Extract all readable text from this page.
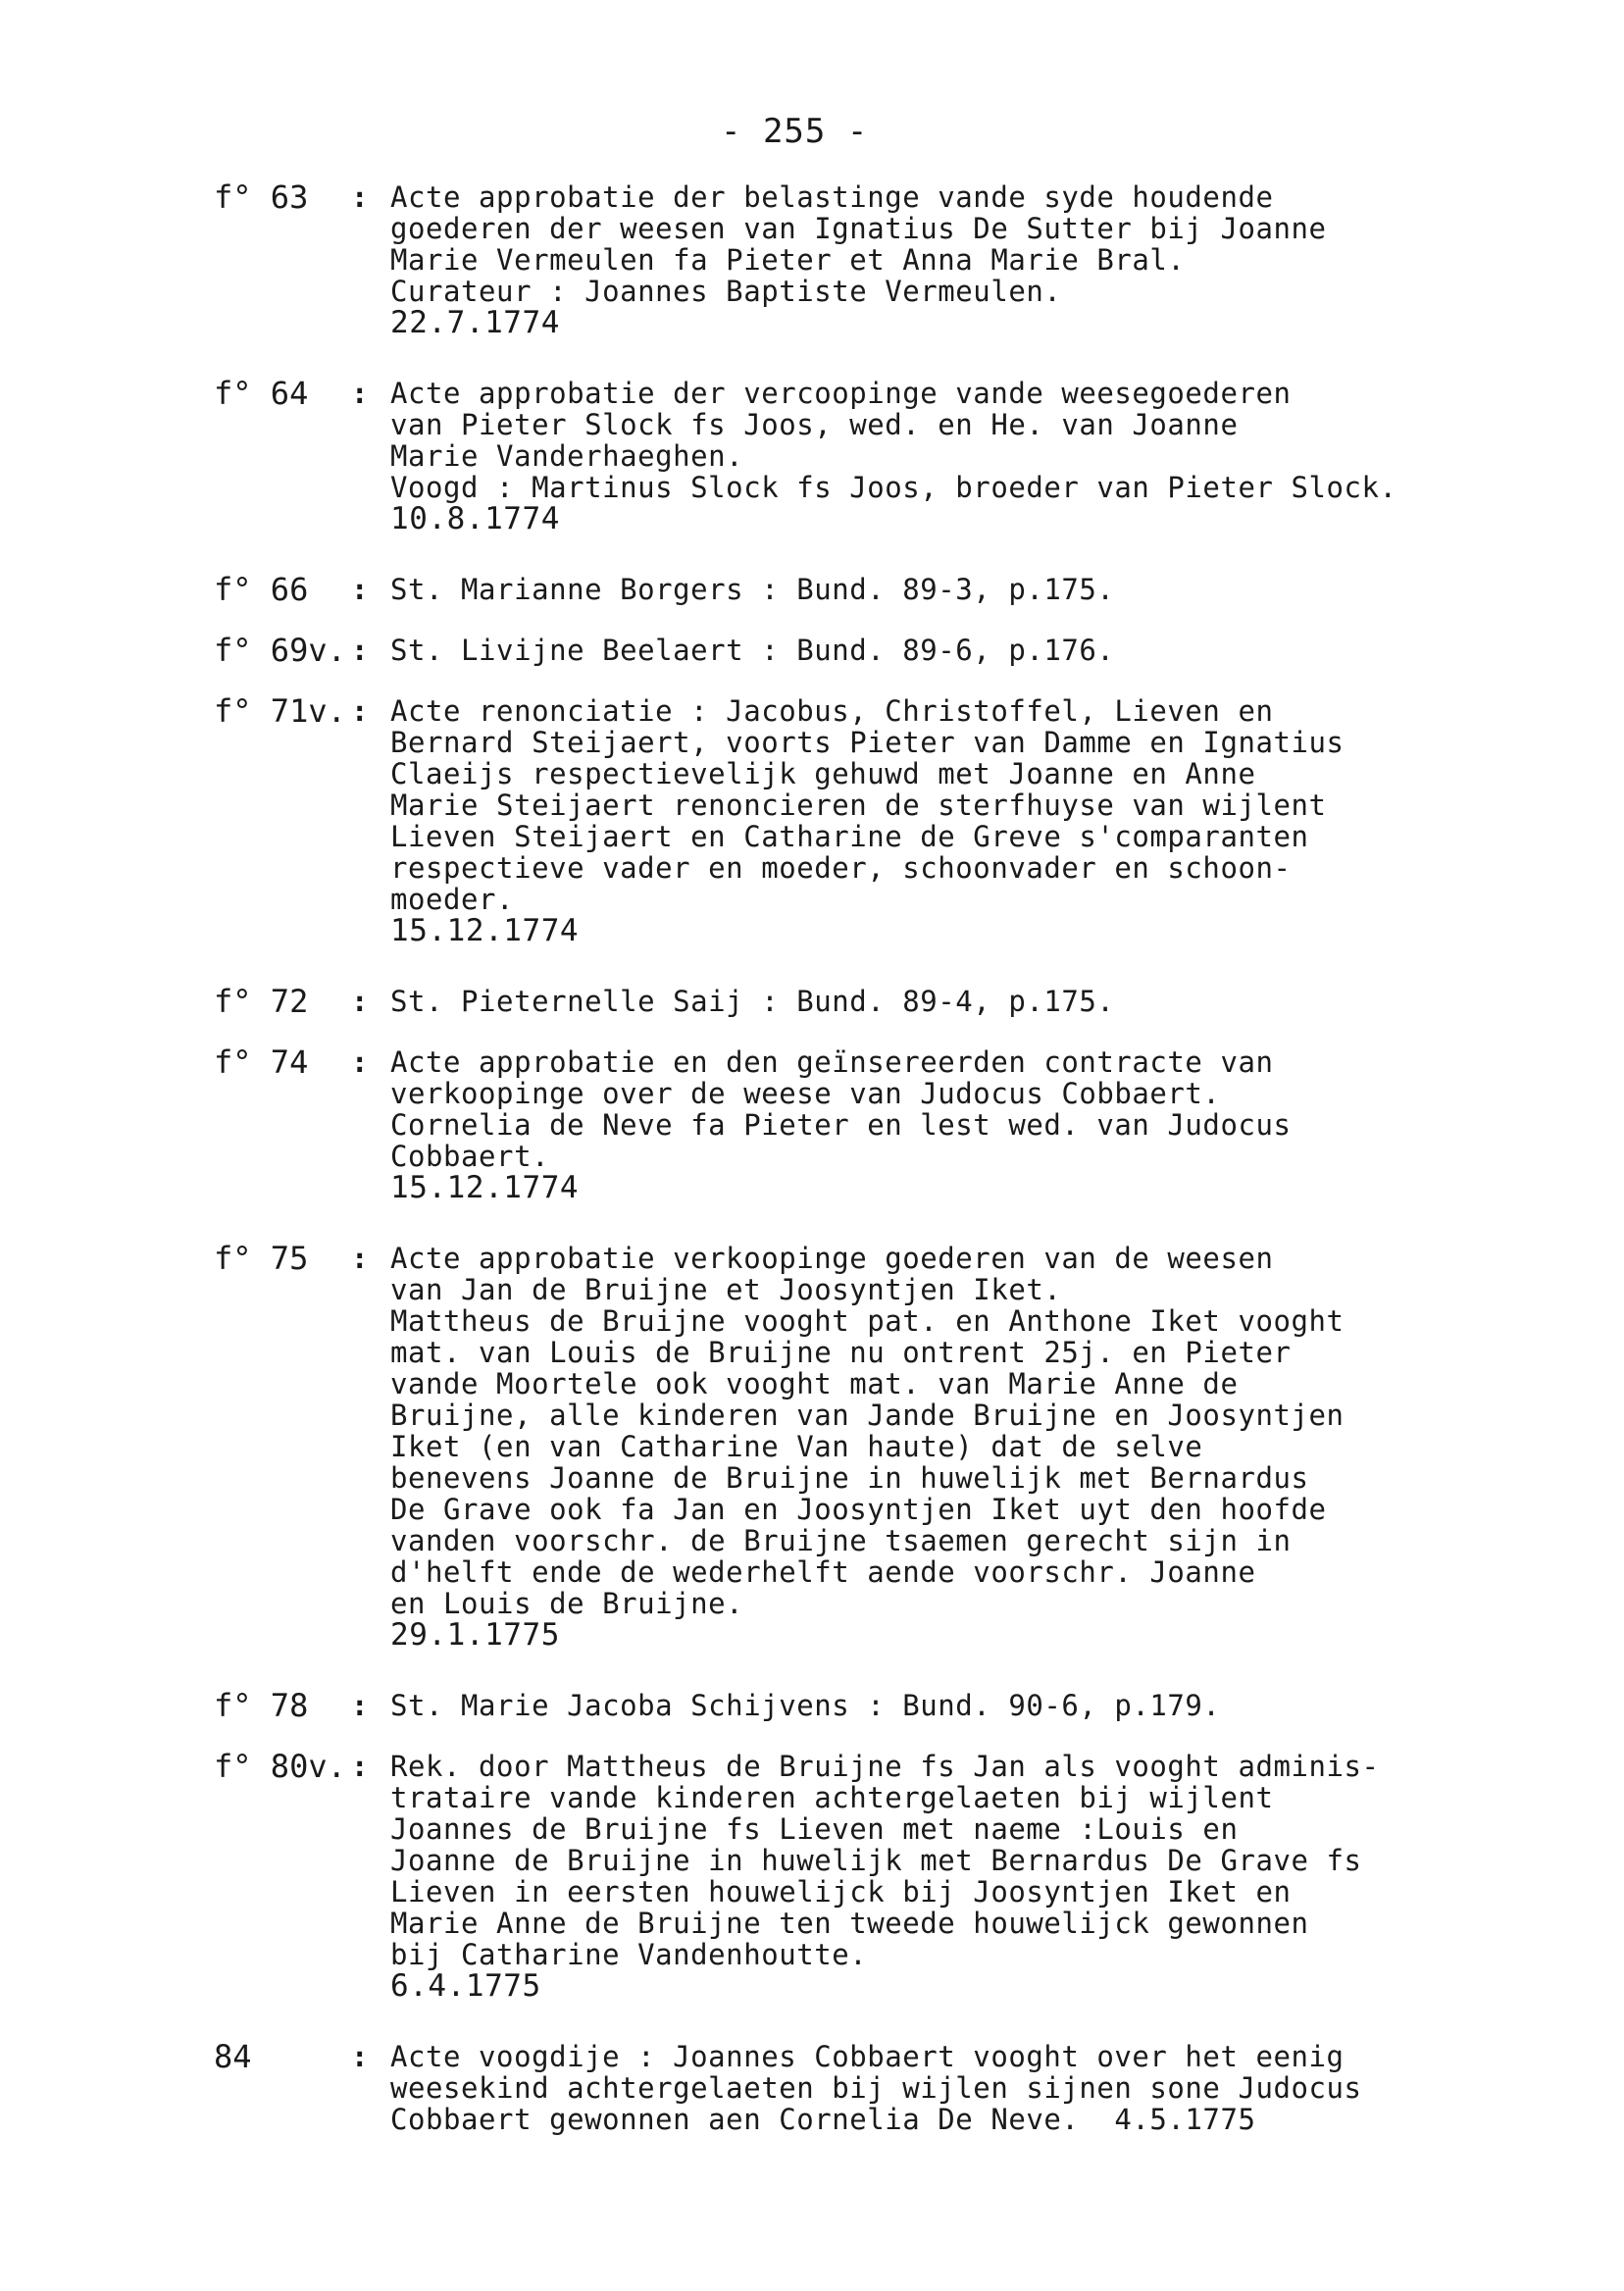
- 255 -
f° 63	: Acte approbatie der belastinge vande syde houdende
goederen der weesen van Ignatius De Sutter bij Joanne
Marie Vermeulen fa Pieter et Anna Marie Bral.
Curateur : Joannes Baptiste Vermeulen.
22.7.1774
f° 64	: Acte approbatie der vercoopinge vande weesegoederen
van Pieter Slock fs Joos, wed. en He. van Joanne
Marie Vanderhaeghen.
Voogd : Martinus Slock fs Joos, broeder van Pieter Slock.
10.8.1774
f° 66	: St. Marianne Borgers : Bund. 89-3, p.175.
f° 69v. : St. Livijne Beelaert : Bund. 89-6, p.176.
f° 71v. : Acte renonciatie : Jacobus, Christoffel, Lieven en
Bernard Steijaert, voorts Pieter van Damme en Ignatius
Claeijs respectievelijk gehuwd met Joanne en Anne
Marie Steijaert renoncieren de sterfhuyse van wijlent
Lieven Steijaert en Catharine de Greve s'comparanten
respectieve vader en moeder, schoonvader en schoon-
moeder.
15.12.1774
f° 72	: St. Pieternelle Saij : Bund. 89-4, p.175.
f° 74	: Acte approbatie en den geïnsereerden contracte van
verkoopinge over de weese van Judocus Cobbaert.
Cornelia de Neve fa Pieter en lest wed. van Judocus
Cobbaert.
15.12.1774
f° 75	: Acte approbatie verkoopinge goederen van de weesen
van Jan de Bruijne et Joosyntjen Iket.
Mattheus de Bruijne vooght pat. en Anthone Iket vooght
mat. van Louis de Bruijne nu ontrent 25j. en Pieter
vande Moortele ook vooght mat. van Marie Anne de
Bruijne, alle kinderen van Jande Bruijne en Joosyntjen
Iket (en van Catharine Van haute) dat de selve
benevens Joanne de Bruijne in huwelijk met Bernardus
De Grave ook fa Jan en Joosyntjen Iket uyt den hoofde
vanden voorschr. de Bruijne tsaemen gerecht sijn in
d'helft ende de wederhelft aende voorschr. Joanne
en Louis de Bruijne.
29.1.1775
f° 78	: St. Marie Jacoba Schijvens : Bund. 90-6, p.179.
f° 80v. : Rek. door Mattheus de Bruijne fs Jan als vooght adminis-
trataire vande kinderen achtergelaeten bij wijlent
Joannes de Bruijne fs Lieven met naeme :Louis en
Joanne de Bruijne in huwelijk met Bernardus De Grave fs
Lieven in eersten houwelijck bij Joosyntjen Iket en
Marie Anne de Bruijne ten tweede houwelijck gewonnen
bij Catharine Vandenhoutte.
6.4.1775
84	: Acte voogdije : Joannes Cobbaert vooght over het eenig
weesekind achtergelaeten bij wijlen sijnen sone Judocus
Cobbaert gewonnen aen Cornelia De Neve.  4.5.1775
